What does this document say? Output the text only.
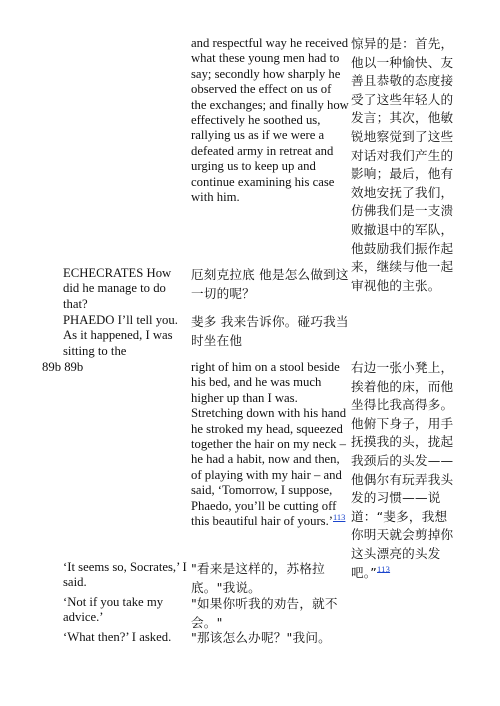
and respectful way he received what these young men had to say; secondly how sharply he observed the effect on us of the exchanges; and finally how effectively he soothed us, rallying us as if we were a defeated army in retreat and urging us to keep up and continue examining his case with him.
惊异的是：首先，他以一种愉快、友善且恭敬的态度接受了这些年轻人的发言；其次，他敏锐地察觉到了这些对话对我们产生的影响；最后，他有效地安抚了我们，仿佛我们是一支溃败撤退中的军队，他鼓励我们振作起来，继续与他一起审视他的主张。
ECHECRATES How did he manage to do that?
厄刻克拉底 他是怎么做到这一切的呢？
PHAEDO I’ll tell you. As it happened, I was sitting to the
斐多 我来告诉你。碰巧我当时坐在他
89b 89b	right of him on a stool beside his bed, and he was much higher up than I was. Stretching down with his hand he stroked my head, squeezed together the hair on my neck – he had a habit, now and then, of playing with my hair – and said, ‘Tomorrow, I suppose, Phaedo, you’ll be cutting off this beautiful hair of yours.’$^{113}$
右边一张小凳上，挨着他的床，而他坐得比我高得多。他俯下身子，用手抚摸我的头，拢起我颈后的头发——他偶尔有玩弄我头发的习惯——说道：“斐多，我想你明天就会剪掉你这头漂亮的头发吧。”$^{113}$
‘It seems so, Socrates,’ I said.
"看来是这样的，苏格拉底。"我说。
‘Not if you take my advice.’
"如果你听我的劝告，就不会。"
‘What then?’ I asked.	"那该怎么办呢？"我问。
